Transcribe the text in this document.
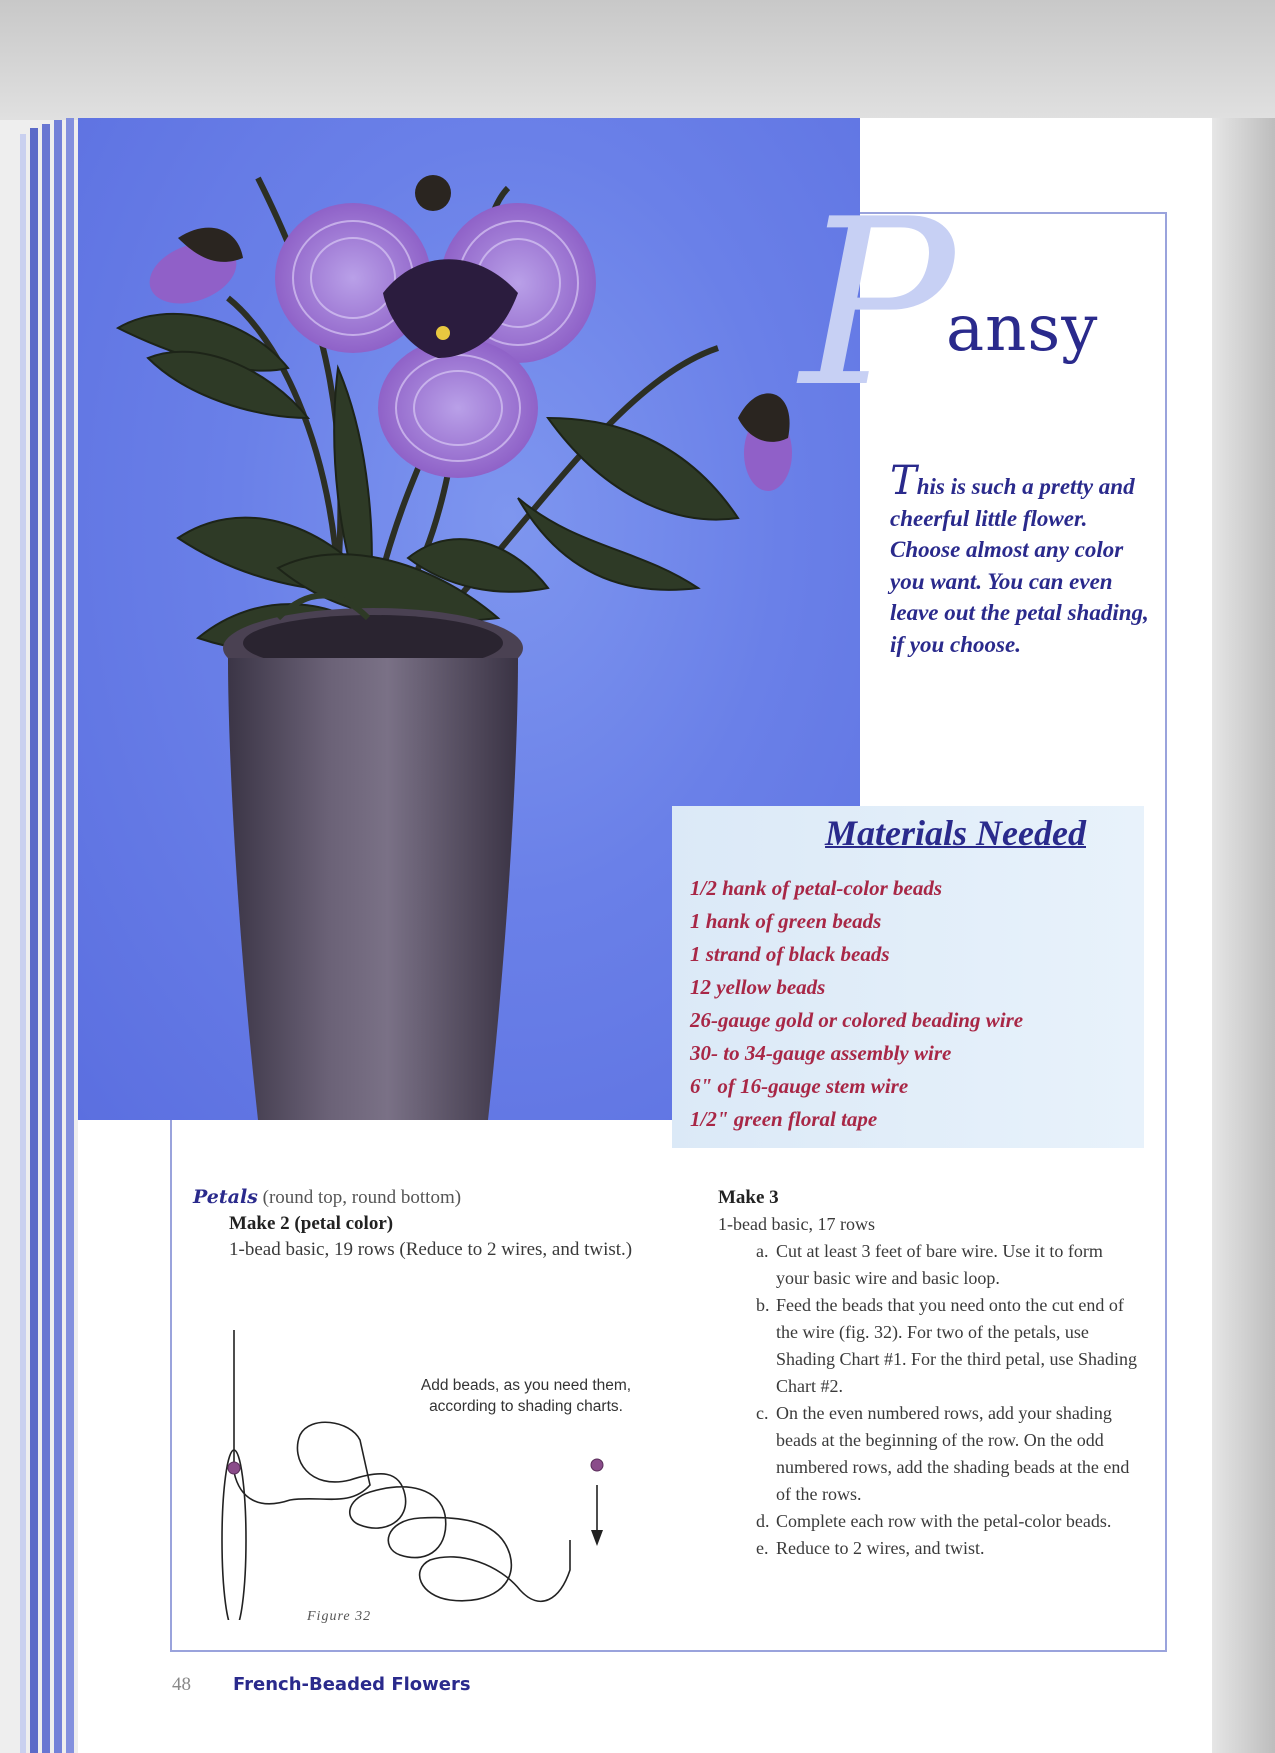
P
ansy
This is such a pretty and cheerful little flower. Choose almost any color you want. You can even leave out the petal shading, if you choose.
Materials Needed
1/2 hank of petal-color beads
1 hank of green beads
1 strand of black beads
12 yellow beads
26-gauge gold or colored beading wire
30- to 34-gauge assembly wire
6" of 16-gauge stem wire
1/2" green floral tape
Petals (round top, round bottom)
Make 2 (petal color)
1-bead basic, 19 rows (Reduce to 2 wires, and twist.)
Add beads, as you need them, according to shading charts.
Figure 32
Make 3
1-bead basic, 17 rows
a. Cut at least 3 feet of bare wire. Use it to form your basic wire and basic loop.
b. Feed the beads that you need onto the cut end of the wire (fig. 32). For two of the petals, use Shading Chart #1. For the third petal, use Shading Chart #2.
c. On the even numbered rows, add your shading beads at the beginning of the row. On the odd numbered rows, add the shading beads at the end of the rows.
d. Complete each row with the petal-color beads.
e. Reduce to 2 wires, and twist.
48 French-Beaded Flowers
